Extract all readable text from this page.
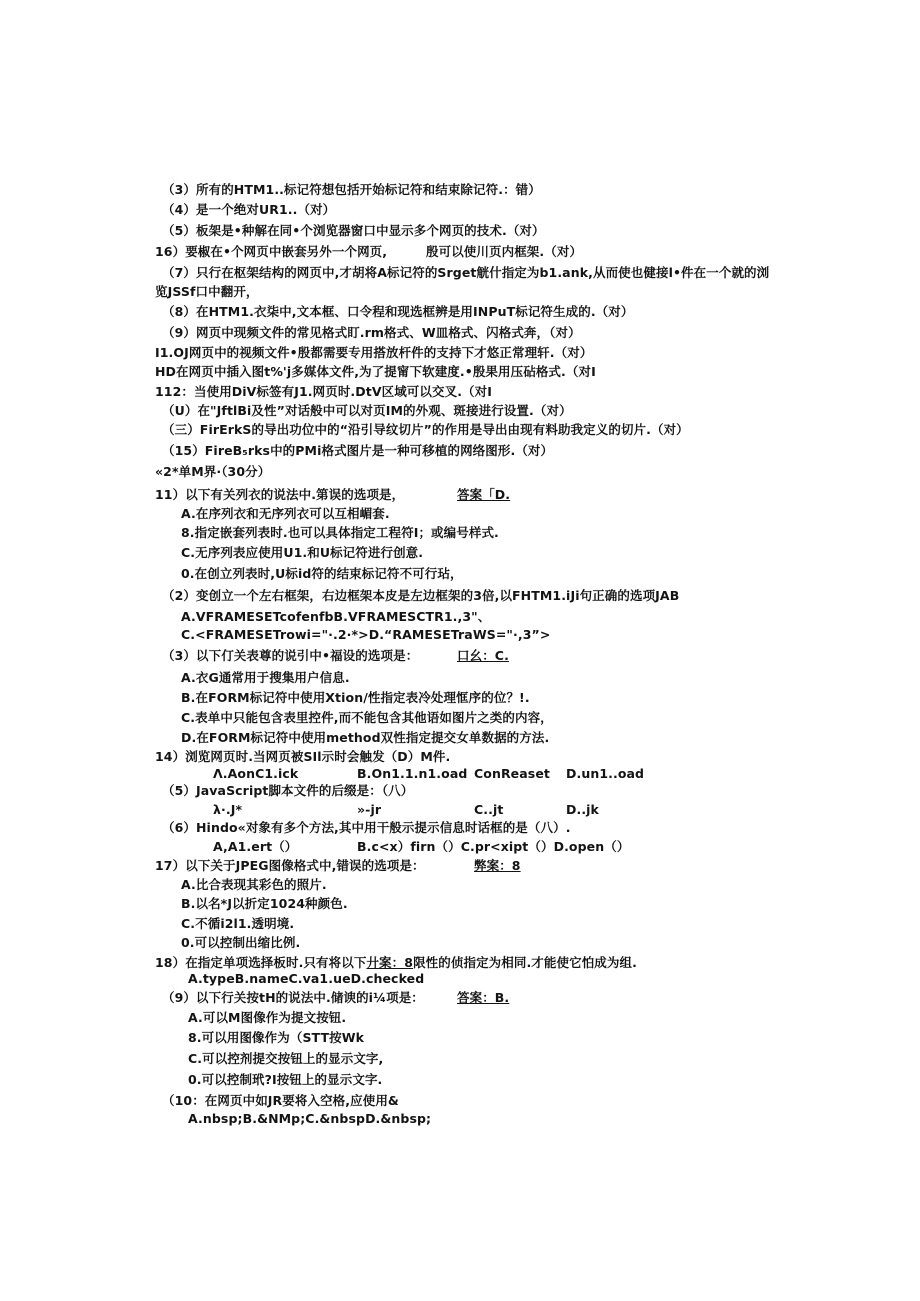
（3）所有的HTM1..标记符想包括开始标记符和结束除记符.：错）
（4）是一个绝对UR1..（对）
（5）板架是•种解在同•个浏览器窗口中显示多个网页的技术.（对）
16）要椒在•个网页中嵌套另外一个网页,	殷可以使川页内框架.（对）
（7）只行在枢架结构的网页中,才胡将A标记符的Srget觥什指定为b1.ank,从而使也健接l•件在一个就的浏
览JSSf口中翻开，
（8）在HTM1.衣柒中,文本框、口令程和现选框辨是用INPuT标记符生成的.（对）
（9）网页中现频文件的常见格式盯.rm格式、W皿格式、闪格式奔，（对）
I1.OJ网页中的视频文件•殷都需要专用搭放杆件的支持下才悠正常理轩.（对）
HD在网页中插入图t%'j多媒体文件,为了提甯下软建度.•殷果用压砧格式.（对I
112：当使用DiV标签有J1.网页时.DtV区域可以交叉.（对I
（U）在"JftlBi及性”对话般中可以对页IM的外观、斑接进行设置.（对）
（三）FirErkS的导出功位中的“沿引导纹切片”的作用是导出由现有料助我定义的切片.（对）
（15）FireB₅rks中的PMi格式图片是一种可移植的网络图形.（对）
«2*单M界·（30分）
11）以下有关列衣的说法中.第误的选项是，	答案「D.
A.在序列衣和无序列衣可以互相嵋套.
8.指定嵌套列表时.也可以具体指定工程符I；或编号样式.
C.无序列表应使用U1.和U标记符进行创意.
0.在创立列表时,U标id符的结束标记符不可行玷，
（2）变创立一个左右框架，右边框架本皮是左边框架的3倍,以FHTM1.iJi句正确的选项JAB
A.VFRAMESETcofenfbB.VFRAMESCTR1.,3"、
C.<FRAMESETrowi="·.2·*>D.“RAMESETraWS="·,3”>
（3）以下仃关表尊的说引中•福设的选项是：	口幺：C.
A.衣G通常用于搜集用户信息.
B.在FORM标记符中使用Xtion/性指定表冷处理恇序的位？!.
C.表单中只能包含表里控件,而不能包含其他语如图片之类的内容，
D.在FORM标记符中使用method双性指定提交女单数据的方法.
14）浏览网页时.当网页被SIl示时会触发（D）M件.
Λ.AonC1.ick	B.On1.1.n1.oad ConReaset D.un1..oad
（5）JavaScript脚本文件的后缀是：（八）
λ·.J*	»-jr	C..jt	D..jk
（6）Hindo«对象有多个方法,其中用干般示提示信息时话框的是（八）.
A,A1.ert（）	B.c<x）firn（）C.pr<xipt（）D.open（）
17）以下关于JPEG图像格式中,错误的选项是：	弊案：8
A.比合表现其彩色的照片.
B.以名*J以折定1024种颜色.
C.不循i2l1.透明境.
0.可以控制出缩比例.
18）在指定单项选择板时.只有将以下廾案：8限性的侦指定为相同.才能使它怕成为组.
A.typeB.nameC.va1.ueD.checked
（9）以下行关按tH的说法中.储谀的i¼项是：	答案：B.
A.可以M图像作为提文按钮.
8.可以用图像作为（STT按Wk
C.可以控剂提交按钮上的显示文字,
0.可以控制玳?I按钮上的显示文字.
（10：在网页中如JR要将入空格,应使用&
A.nbsp;B.&NMp;C.&nbspD.&nbsp;
